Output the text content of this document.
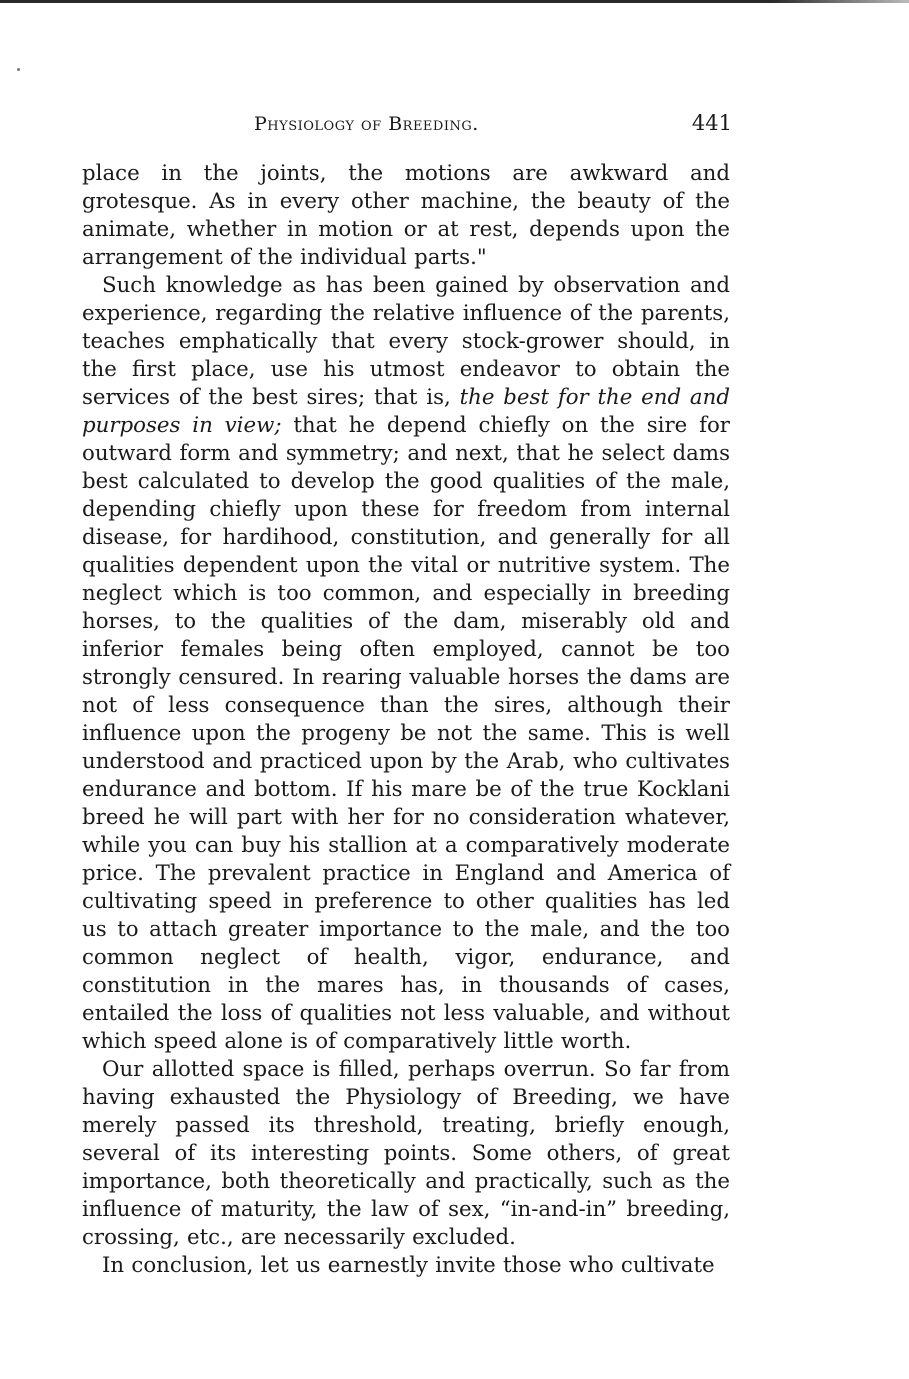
Physiology of Breeding.	441

place in the joints, the motions are awkward and grotesque. As in every other machine, the beauty of the animate, whether in motion or at rest, depends upon the arrangement of the individual parts."

Such knowledge as has been gained by observation and experience, regarding the relative influence of the parents, teaches emphatically that every stock-grower should, in the first place, use his utmost endeavor to obtain the services of the best sires; that is, the best for the end and purposes in view; that he depend chiefly on the sire for outward form and symmetry; and next, that he select dams best calculated to develop the good qualities of the male, depending chiefly upon these for freedom from internal disease, for hardihood, constitution, and generally for all qualities dependent upon the vital or nutritive system. The neglect which is too common, and especially in breeding horses, to the qualities of the dam, miserably old and inferior females being often employed, cannot be too strongly censured. In rearing valuable horses the dams are not of less consequence than the sires, although their influence upon the progeny be not the same. This is well understood and practiced upon by the Arab, who cultivates endurance and bottom. If his mare be of the true Kocklani breed he will part with her for no consideration whatever, while you can buy his stallion at a comparatively moderate price. The prevalent practice in England and America of cultivating speed in preference to other qualities has led us to attach greater importance to the male, and the too common neglect of health, vigor, endurance, and constitution in the mares has, in thousands of cases, entailed the loss of qualities not less valuable, and without which speed alone is of comparatively little worth.

Our allotted space is filled, perhaps overrun. So far from having exhausted the Physiology of Breeding, we have merely passed its threshold, treating, briefly enough, several of its interesting points. Some others, of great importance, both theoretically and practically, such as the influence of maturity, the law of sex, “in-and-in” breeding, crossing, etc., are necessarily excluded.

In conclusion, let us earnestly invite those who cultivate
